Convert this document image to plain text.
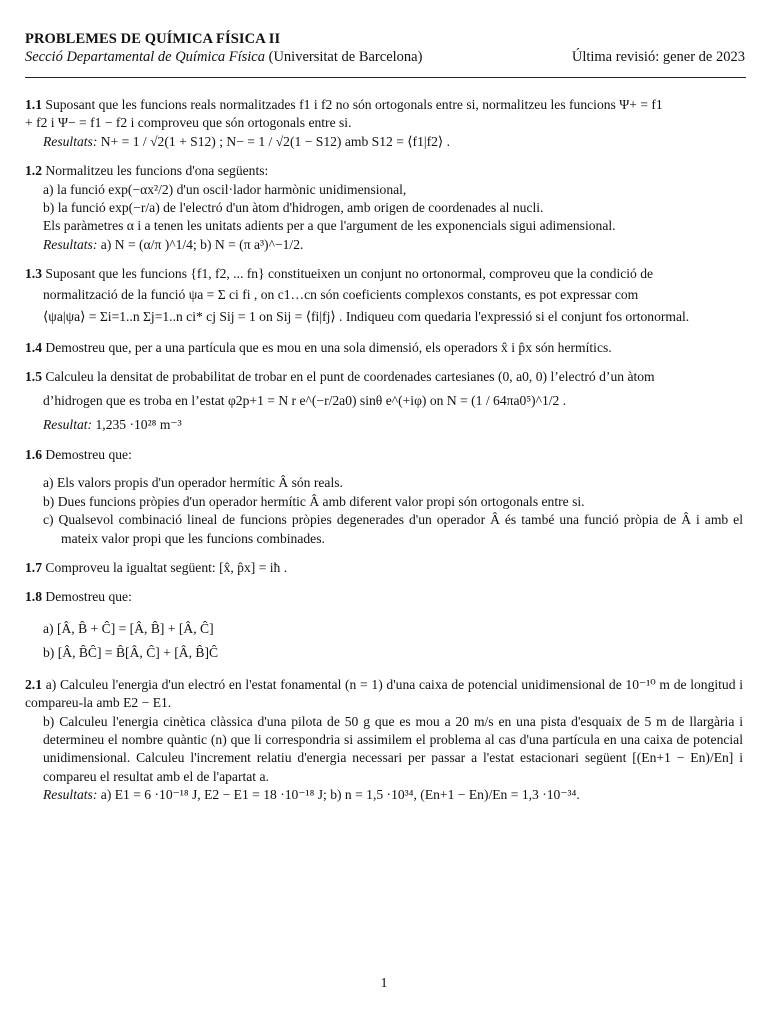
PROBLEMES DE QUÍMICA FÍSICA II
Secció Departamental de Química Física (Universitat de Barcelona)	Última revisió: gener de 2023

1.1 Suposant que les funcions reals normalitzades f1 i f2 no són ortogonals entre si, normalitzeu les funcions Ψ+ = f1

+ f2 i Ψ− = f1 − f2 i comproveu que són ortogonals entre si.

Resultats: N+ = 1 / √2(1 + S12) ; N− = 1 / √2(1 − S12) amb S12 = ⟨f1|f2⟩ .

1.2 Normalitzeu les funcions d'ona següents:

a) la funció exp(−αx²/2) d'un oscil·lador harmònic unidimensional,

b) la funció exp(−r/a) de l'electró d'un àtom d'hidrogen, amb origen de coordenades al nucli.

Els paràmetres α i a tenen les unitats adients per a que l'argument de les exponencials sigui adimensional.

Resultats: a) N = (α/π )^1/4; b) N = (π a³)^−1/2.

1.3 Suposant que les funcions {f1, f2, ... fn} constitueixen un conjunt no ortonormal, comproveu que la condició de

normalització de la funció ψa = Σ ci fi , on c1…cn són coeficients complexos constants, es pot expressar com

⟨ψa|ψa⟩ = Σi=1..n Σj=1..n ci* cj Sij = 1 on Sij = ⟨fi|fj⟩ . Indiqueu com quedaria l'expressió si el conjunt fos ortonormal.

1.4 Demostreu que, per a una partícula que es mou en una sola dimensió, els operadors x̂ i p̂x són hermítics.

1.5 Calculeu la densitat de probabilitat de trobar en el punt de coordenades cartesianes (0, a0, 0) l’electró d’un àtom

d’hidrogen que es troba en l’estat φ2p+1 = N r e^(−r/2a0) sinθ e^(+iφ) on N = (1 / 64πa0⁵)^1/2 .

Resultat: 1,235 ·10²⁸ m⁻³

1.6 Demostreu que:

a) Els valors propis d'un operador hermític Â són reals.

b) Dues funcions pròpies d'un operador hermític Â amb diferent valor propi són ortogonals entre si.

c) Qualsevol combinació lineal de funcions pròpies degenerades d'un operador Â és també una funció pròpia de Â i amb el mateix valor propi que les funcions combinades.

1.7 Comproveu la igualtat següent: [x̂, p̂x] = iħ .

1.8 Demostreu que:

a) [Â, B̂ + Ĉ] = [Â, B̂] + [Â, Ĉ]

b) [Â, B̂Ĉ] = B̂[Â, Ĉ] + [Â, B̂]Ĉ

2.1 a) Calculeu l'energia d'un electró en l'estat fonamental (n = 1) d'una caixa de potencial unidimensional de 10⁻¹⁰ m de longitud i compareu-la amb E2 − E1.

b) Calculeu l'energia cinètica clàssica d'una pilota de 50 g que es mou a 20 m/s en una pista d'esquaix de 5 m de llargària i determineu el nombre quàntic (n) que li correspondria si assimilem el problema al cas d'una partícula en una caixa de potencial unidimensional. Calculeu l'increment relatiu d'energia necessari per passar a l'estat estacionari següent [(En+1 − En)/En] i compareu el resultat amb el de l'apartat a.

Resultats: a) E1 = 6 ·10⁻¹⁸ J, E2 − E1 = 18 ·10⁻¹⁸ J; b) n = 1,5 ·10³⁴, (En+1 − En)/En = 1,3 ·10⁻³⁴.

1
